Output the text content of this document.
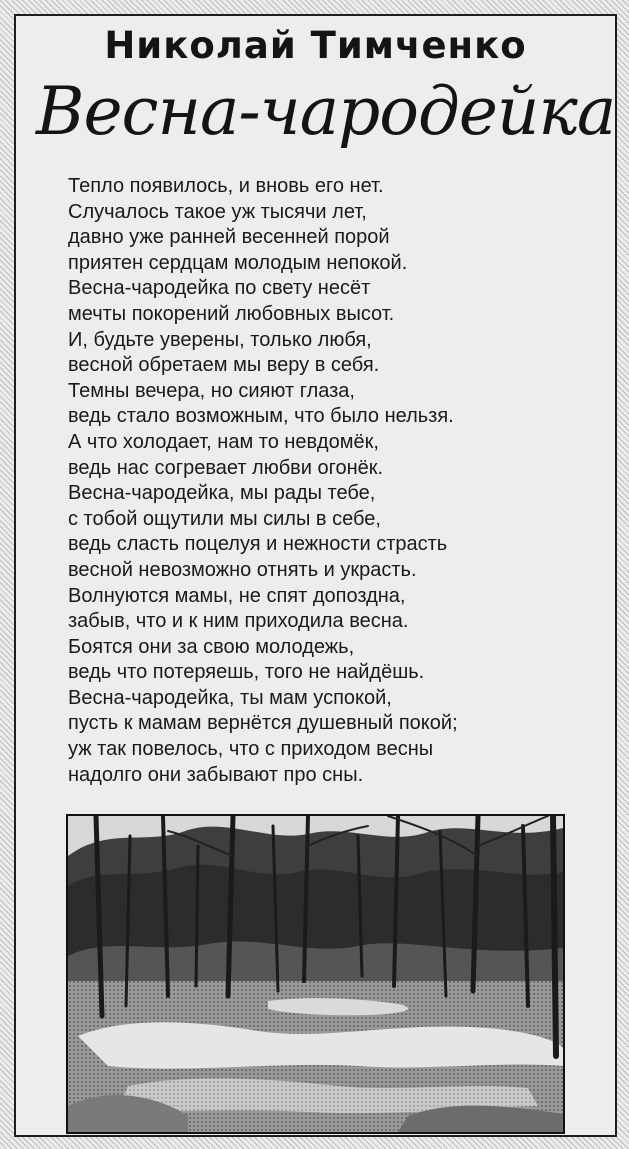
Николай Тимченко
Весна-чародейка
Тепло появилось, и вновь его нет.
Случалось такое уж тысячи лет,
давно уже ранней весенней порой
приятен сердцам молодым непокой.
Весна-чародейка по свету несёт
мечты покорений любовных высот.
И, будьте уверены, только любя,
весной обретаем мы веру в себя.
Темны вечера, но сияют глаза,
ведь стало возможным, что было нельзя.
А что холодает, нам то невдомёк,
ведь нас согревает любви огонёк.
Весна-чародейка, мы рады тебе,
с тобой ощутили мы силы в себе,
ведь сласть поцелуя и нежности страсть
весной невозможно отнять и украсть.
Волнуются мамы, не спят допоздна,
забыв, что и к ним приходила весна.
Боятся они за свою молодежь,
ведь что потеряешь, того не найдёшь.
Весна-чародейка, ты мам успокой,
пусть к мамам вернётся душевный покой;
уж так повелось, что с приходом весны
надолго они забывают про сны.
